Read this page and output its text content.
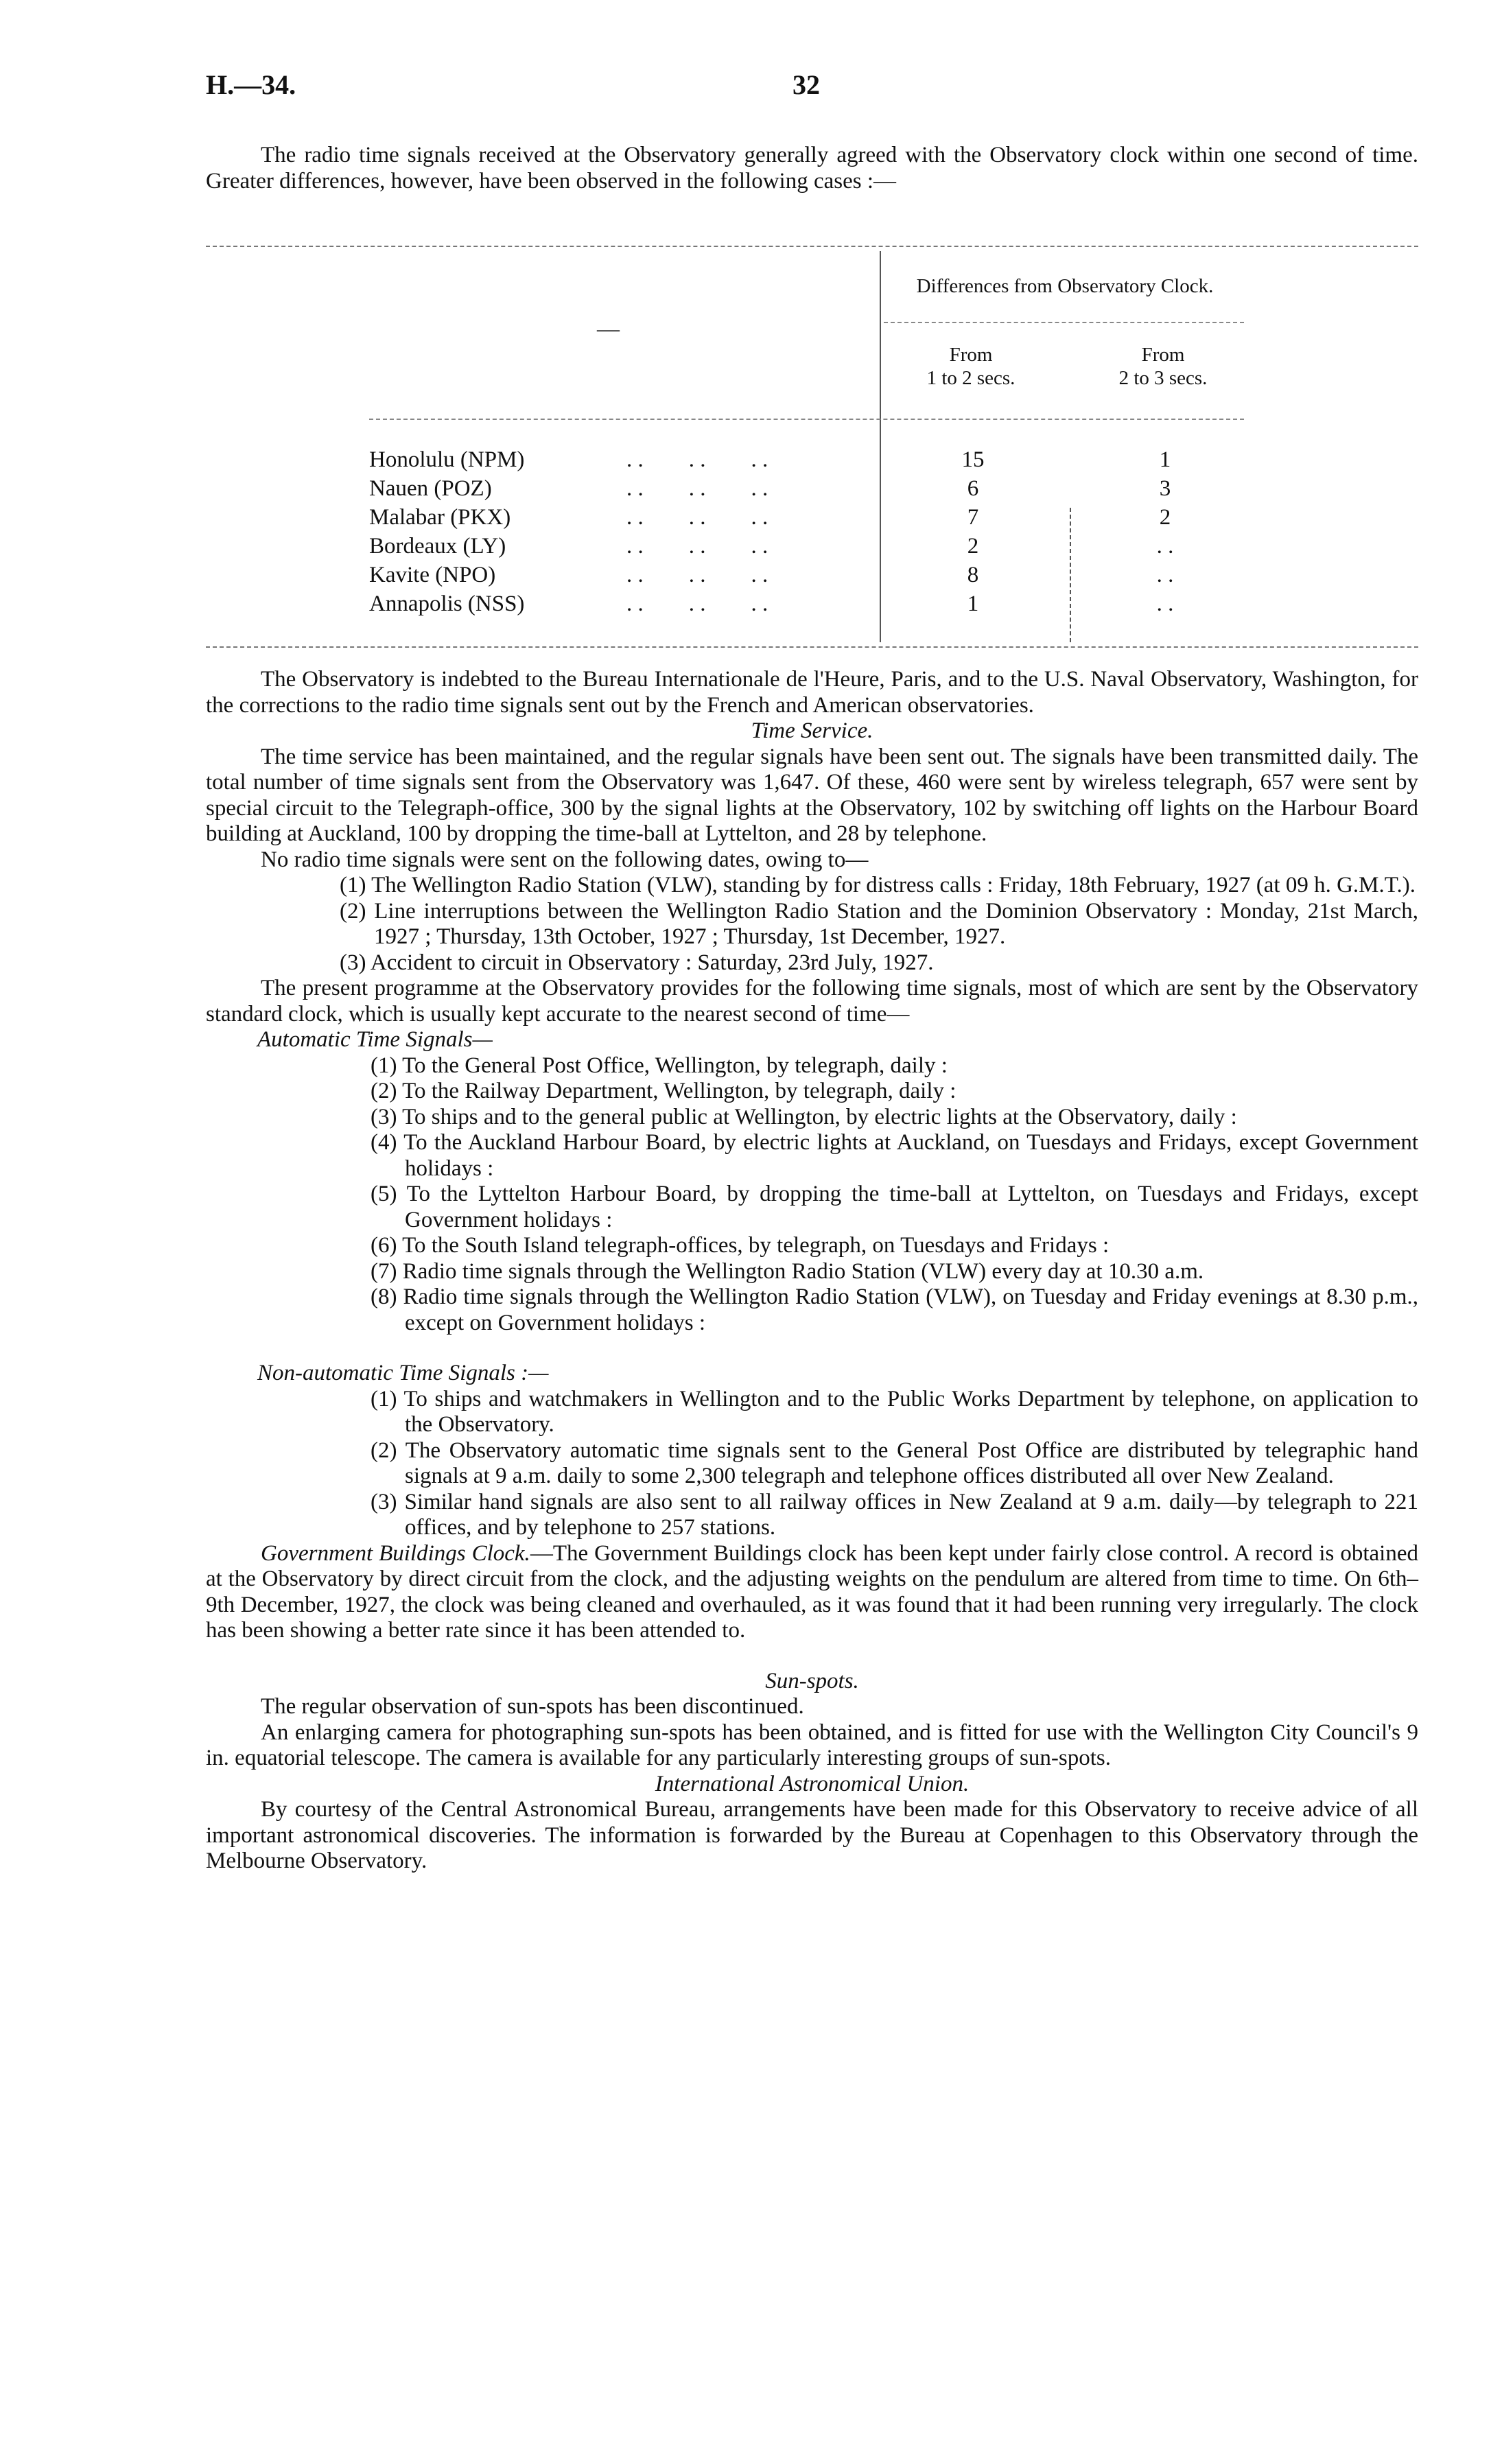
H.—34.	32

The radio time signals received at the Observatory generally agreed with the Observatory clock within one second of time. Greater differences, however, have been observed in the following cases :—

—
Differences from Observatory Clock.
From
1 to 2 secs.
From
2 to 3 secs.
Honolulu (NPM)	. .        . .        . .	15	1
Nauen (POZ)	. .        . .        . .	6	3
Malabar (PKX)	. .        . .        . .	7	2
Bordeaux (LY)	. .        . .        . .	2	. .
Kavite (NPO)	. .        . .        . .	8	. .
Annapolis (NSS)	. .        . .        . .	1	. .

The Observatory is indebted to the Bureau Internationale de l'Heure, Paris, and to the U.S. Naval Observatory, Washington, for the corrections to the radio time signals sent out by the French and American observatories.

Time Service.

The time service has been maintained, and the regular signals have been sent out. The signals have been transmitted daily. The total number of time signals sent from the Observatory was 1,647. Of these, 460 were sent by wireless telegraph, 657 were sent by special circuit to the Telegraph-office, 300 by the signal lights at the Observatory, 102 by switching off lights on the Harbour Board building at Auckland, 100 by dropping the time-ball at Lyttelton, and 28 by telephone.

No radio time signals were sent on the following dates, owing to—

(1) The Wellington Radio Station (VLW), standing by for distress calls : Friday, 18th February, 1927 (at 09 h. G.M.T.).

(2) Line interruptions between the Wellington Radio Station and the Dominion Observatory : Monday, 21st March, 1927 ; Thursday, 13th October, 1927 ; Thursday, 1st December, 1927.

(3) Accident to circuit in Observatory : Saturday, 23rd July, 1927.

The present programme at the Observatory provides for the following time signals, most of which are sent by the Observatory standard clock, which is usually kept accurate to the nearest second of time—

Automatic Time Signals—

(1) To the General Post Office, Wellington, by telegraph, daily :

(2) To the Railway Department, Wellington, by telegraph, daily :

(3) To ships and to the general public at Wellington, by electric lights at the Observatory, daily :

(4) To the Auckland Harbour Board, by electric lights at Auckland, on Tuesdays and Fridays, except Government holidays :

(5) To the Lyttelton Harbour Board, by dropping the time-ball at Lyttelton, on Tuesdays and Fridays, except Government holidays :

(6) To the South Island telegraph-offices, by telegraph, on Tuesdays and Fridays :

(7) Radio time signals through the Wellington Radio Station (VLW) every day at 10.30 a.m.

(8) Radio time signals through the Wellington Radio Station (VLW), on Tuesday and Friday evenings at 8.30 p.m., except on Government holidays :

Non-automatic Time Signals :—

(1) To ships and watchmakers in Wellington and to the Public Works Department by telephone, on application to the Observatory.

(2) The Observatory automatic time signals sent to the General Post Office are distributed by telegraphic hand signals at 9 a.m. daily to some 2,300 telegraph and telephone offices distributed all over New Zealand.

(3) Similar hand signals are also sent to all railway offices in New Zealand at 9 a.m. daily—by telegraph to 221 offices, and by telephone to 257 stations.

Government Buildings Clock.—The Government Buildings clock has been kept under fairly close control. A record is obtained at the Observatory by direct circuit from the clock, and the adjusting weights on the pendulum are altered from time to time. On 6th–9th December, 1927, the clock was being cleaned and overhauled, as it was found that it had been running very irregularly. The clock has been showing a better rate since it has been attended to.

Sun-spots.

The regular observation of sun-spots has been discontinued.

An enlarging camera for photographing sun-spots has been obtained, and is fitted for use with the Wellington City Council's 9 in. equatorial telescope. The camera is available for any particularly interesting groups of sun-spots.

International Astronomical Union.

By courtesy of the Central Astronomical Bureau, arrangements have been made for this Observatory to receive advice of all important astronomical discoveries. The information is forwarded by the Bureau at Copenhagen to this Observatory through the Melbourne Observatory.
